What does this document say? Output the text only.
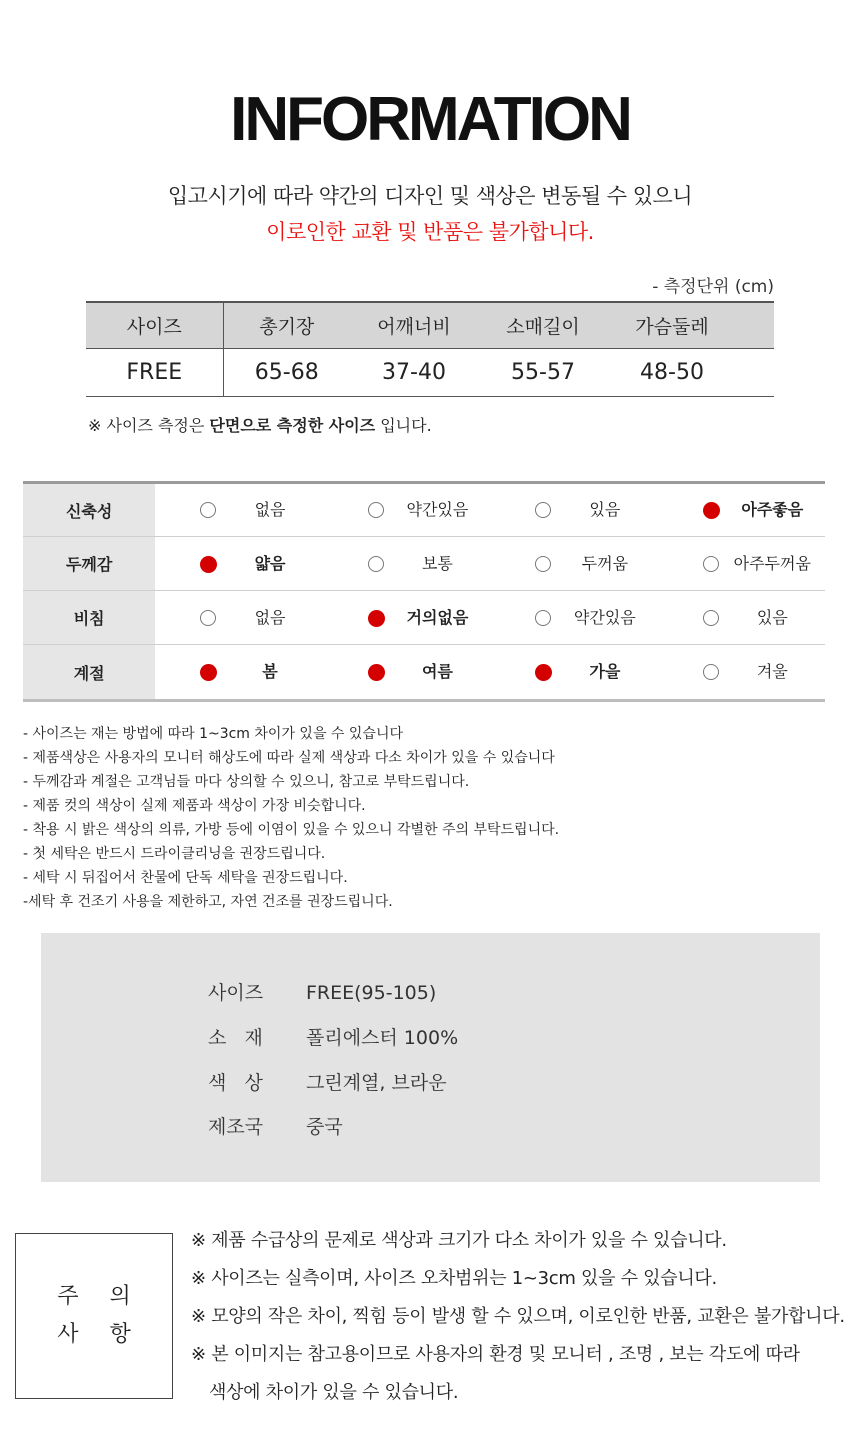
INFORMATION
입고시기에 따라 약간의 디자인 및 색상은 변동될 수 있으니
이로인한 교환 및 반품은 불가합니다.
- 측정단위 (cm)
사이즈	총기장	어깨너비	소매길이	가슴둘레	
FREE	65-68	37-40	55-57	48-50	
※ 사이즈 측정은 단면으로 측정한 사이즈 입니다.
신축성	없음	약간있음	있음	아주좋음

두께감	얇음	보통	두꺼움	아주두꺼움

비침	없음	거의없음	약간있음	있음

계절	봄	여름	가을	겨울
- 사이즈는 재는 방법에 따라 1~3cm 차이가 있을 수 있습니다
- 제품색상은 사용자의 모니터 해상도에 따라 실제 색상과 다소 차이가 있을 수 있습니다
- 두께감과 계절은 고객님들 마다 상의할 수 있으니, 참고로 부탁드립니다.
- 제품 컷의 색상이 실제 제품과 색상이 가장 비슷합니다.
- 착용 시 밝은 색상의 의류, 가방 등에 이염이 있을 수 있으니 각별한 주의 부탁드립니다.
- 첫 세탁은 반드시 드라이클리닝을 권장드립니다.
- 세탁 시 뒤집어서 찬물에 단독 세탁을 권장드립니다.
-세탁 후 건조기 사용을 제한하고, 자연 건조를 권장드립니다.
사이즈 FREE(95-105)
소   재 폴리에스터 100%
색   상 그린계열, 브라운
제조국 중국
주 의
사 항
※ 제품 수급상의 문제로 색상과 크기가 다소 차이가 있을 수 있습니다.
※ 사이즈는 실측이며, 사이즈 오차범위는 1~3cm 있을 수 있습니다.
※ 모양의 작은 차이, 찍힘 등이 발생 할 수 있으며, 이로인한 반품, 교환은 불가합니다.
※ 본 이미지는 참고용이므로 사용자의 환경 및 모니터 , 조명 , 보는 각도에 따라
색상에 차이가 있을 수 있습니다.
